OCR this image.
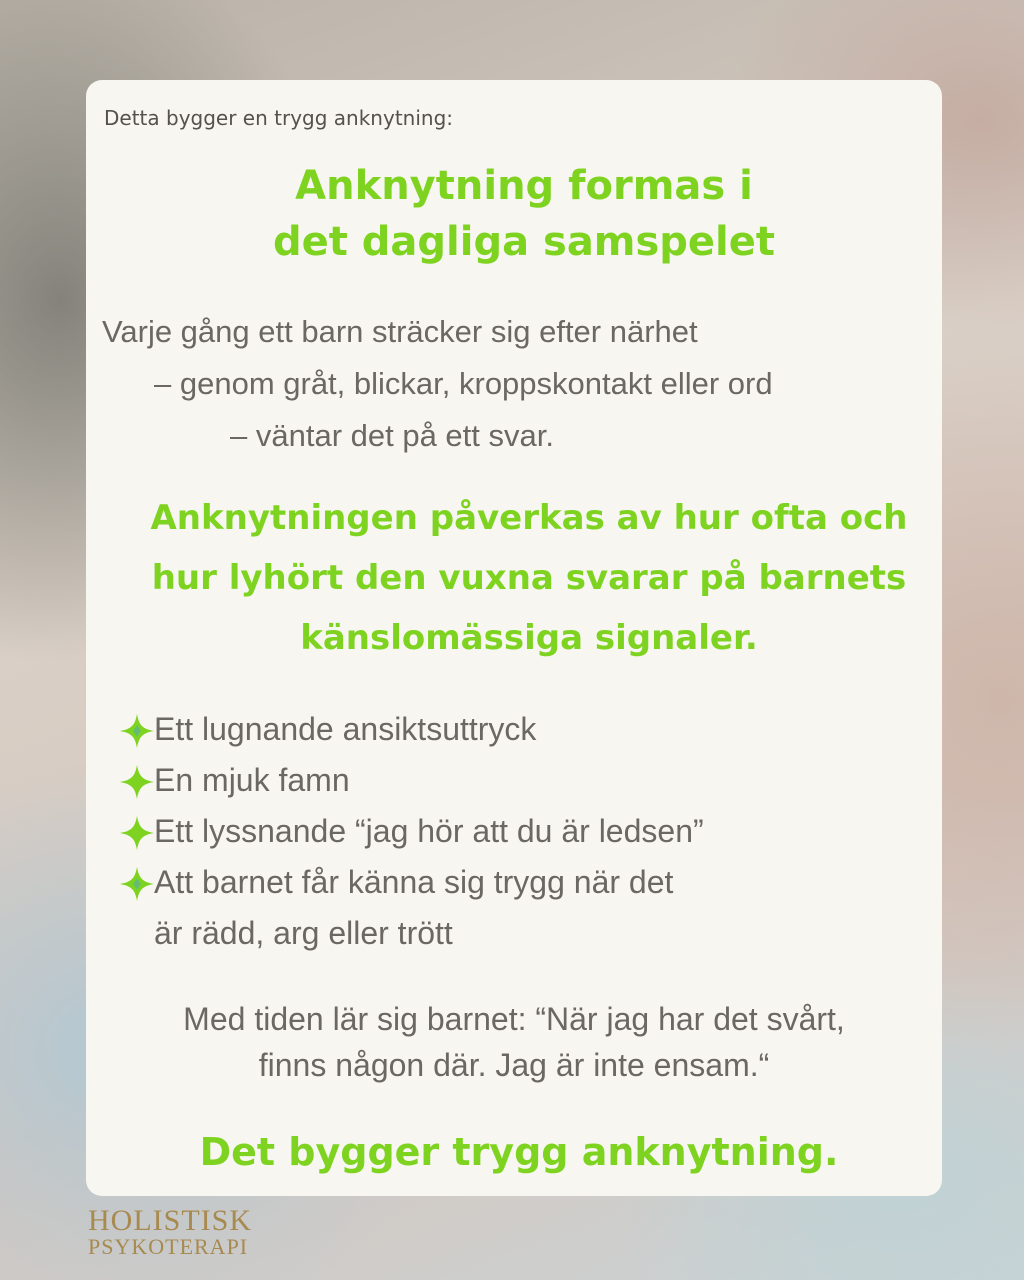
Detta bygger en trygg anknytning:
Anknytning formas i
det dagliga samspelet
Varje gång ett barn sträcker sig efter närhet
– genom gråt, blickar, kroppskontakt eller ord
– väntar det på ett svar.
Anknytningen påverkas av hur ofta och
hur lyhört den vuxna svarar på barnets
känslomässiga signaler.
Ett lugnande ansiktsuttryck
En mjuk famn
Ett lyssnande “jag hör att du är ledsen”
Att barnet får känna sig trygg när det
är rädd, arg eller trött
Med tiden lär sig barnet: “När jag har det svårt,
finns någon där. Jag är inte ensam.“
Det bygger trygg anknytning.
HOLISTISK
PSYKOTERAPI
